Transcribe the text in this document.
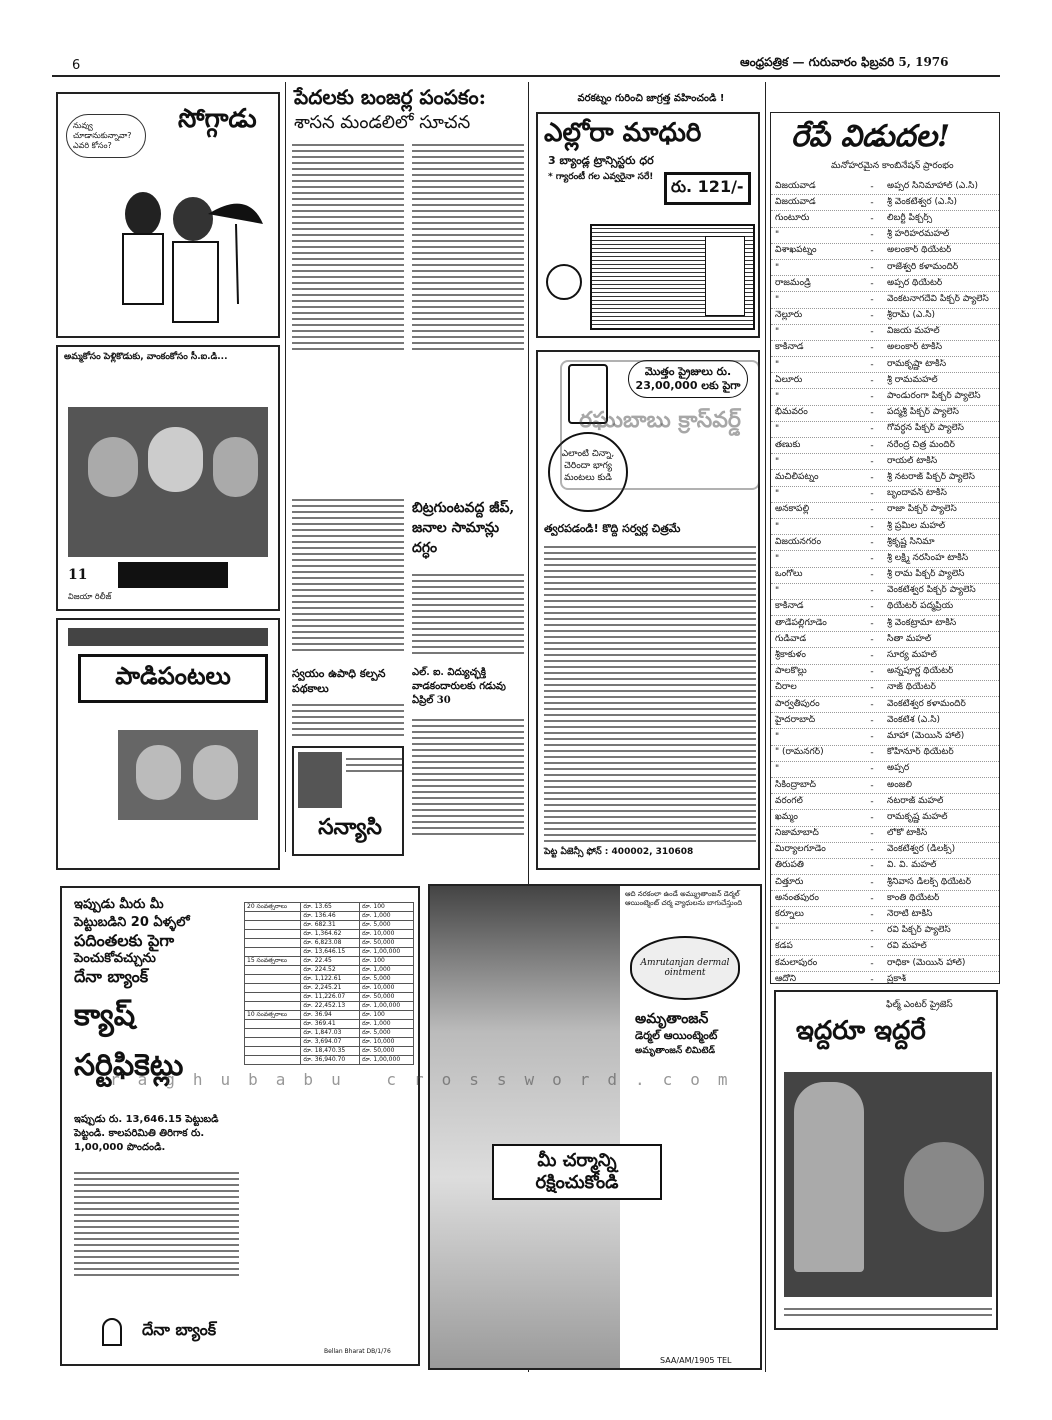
6	ఆంధ్రపత్రిక — గురువారం ఫిబ్రవరి 5, 1976
నువ్వు చూడానుకున్నావా? ఎవరి కోసం?
సోగ్గాడు
అమ్మకోసం పెళ్లికొడుకు, వాంకంకోసం సీ.ఐ.డి...
11
విజయా రిలీజ్
పాడిపంటలు
పేదలకు బంజర్ల పంపకం:
శాసన మండలిలో సూచన
బిట్రగుంటవద్ద జీప్, జనాల సామాన్లు దగ్ధం
స్వయం ఉపాధి కల్పన పథకాలు
ఎల్. ఐ. విద్యుచ్ఛక్తి వాడకందారులకు గడువు ఏప్రిల్ 30
సన్యాసి
వరకట్నం గురించి జాగ్రత్త వహించండి !
ఎల్లోరా మాధురి
3 బ్యాండ్ల ట్రాన్సిస్టరు ధర
* గ్యారంటీ గల ఎవ్వరైనా సరే!	రు. 121/-
మొత్తం ప్రైజులు రు. 23,00,000 లకు పైగా
ఎలాంటి చిన్నా, చెరిందా భాగ్య మంటలు కుడి
త్వరపడండి! కొద్ది సర్వర్ల చిత్రమే
పెట్ట ఏజెన్సీ ఫోన్ : 400002, 310608
రేపే విడుదల!
మనోహరమైన కాంబినేషన్ ప్రారంభం
విజయవాడ	-	అప్సర సినిమాహాల్ (ఎ.సి)
విజయవాడ	-	శ్రీ వెంకటేశ్వర (ఎ.సి)
గుంటూరు	-	లిబర్టీ పిక్చర్స్
"	-	శ్రీ హరిహరమహల్
విశాఖపట్నం	-	అలంకార్ థియేటర్
"	-	రాజేశ్వరి కళామందిర్
రాజమండ్రి	-	అప్సర థియేటర్
"	-	వెంకటనాగదేవి పిక్చర్ ప్యాలెస్
నెల్లూరు	-	శ్రీరామ్ (ఎ.సి)
"	-	విజయ మహల్
కాకినాడ	-	అలంకార్ టాకీస్
"	-	రామకృష్ణా టాకీస్
ఏలూరు	-	శ్రీ రామమహల్
"	-	పాండురంగా పిక్చర్ ప్యాలెస్
భీమవరం	-	పద్మశ్రీ పిక్చర్ ప్యాలెస్
"	-	గోవర్ధన పిక్చర్ ప్యాలెస్
తణుకు	-	నరేంద్ర చిత్ర మందిర్
"	-	రాయల్ టాకీస్
మచిలీపట్నం	-	శ్రీ నటరాజ్ పిక్చర్ ప్యాలెస్
"	-	బృందావన్ టాకీస్
అనకాపల్లి	-	రాజా పిక్చర్ ప్యాలెస్
"	-	శ్రీ ప్రమీల మహల్
విజయనగరం	-	శ్రీకృష్ణ సినిమా
"	-	శ్రీ లక్ష్మీ నరసింహ టాకీస్
ఒంగోలు	-	శ్రీ రామ పిక్చర్ ప్యాలెస్
"	-	వెంకటేశ్వర పిక్చర్ ప్యాలెస్
కాకినాడ	-	థియేటర్ పద్మప్రియ
తాడేపల్లిగూడెం	-	శ్రీ వెంకట్రామా టాకీస్
గుడివాడ	-	సీతా మహల్
శ్రీకాకుళం	-	సూర్య మహల్
పాలకొల్లు	-	అన్నపూర్ణ థియేటర్
చీరాల	-	నాజ్ థియేటర్
పార్వతీపురం	-	వెంకటేశ్వర కళామందిర్
హైదరాబాద్	-	వెంకటేశ (ఎ.సి)
"	-	మాహా (మెయిన్ హాల్)
" (రామనగర్)	-	కోహినూర్ థియేటర్
"	-	అప్సర
సికింద్రాబాద్	-	అంజలి
వరంగల్	-	నటరాజ్ మహల్
ఖమ్మం	-	రామకృష్ణ మహల్
నిజామాబాద్	-	లోకో టాకీస్
మిర్యాలగూడెం	-	వెంకటేశ్వర (డీలక్స్)
తిరుపతి	-	వి. వి. మహల్
చిత్తూరు	-	శ్రీనివాస డీలక్స్ థియేటర్
అనంతపురం	-	కాంతి థియేటర్
కర్నూలు	-	నెరాటీ టాకీస్
"	-	రవి పిక్చర్ ప్యాలెస్
కడప	-	రవి మహల్
కమలాపురం	-	రాధికా (మెయిన్ హాల్)
ఆదోని	-	ప్రకాశ్
ఇప్పుడు మీరు మీ
పెట్టుబడిని 20 ఏళ్ళలో
పదింతలకు పైగా
పెంచుకోవచ్చును
దేనా బ్యాంక్
క్యాష్
సర్టిఫికెట్లు
ఇప్పుడు రు. 13,646.15 పెట్టుబడి పెట్టండి. కాలపరిమితి తిరిగాక రు. 1,00,000 పొందండి.
దేనా బ్యాంక్
Bellan Bharat DB/1/76
20 సంవత్సరాలు	రూ. 13.65	రూ. 100
	రూ. 136.46	రూ. 1,000
	రూ. 682.31	రూ. 5,000
	రూ. 1,364.62	రూ. 10,000
	రూ. 6,823.08	రూ. 50,000
	రూ. 13,646.15	రూ. 1,00,000
15 సంవత్సరాలు	రూ. 22.45	రూ. 100
	రూ. 224.52	రూ. 1,000
	రూ. 1,122.61	రూ. 5,000
	రూ. 2,245.21	రూ. 10,000
	రూ. 11,226.07	రూ. 50,000
	రూ. 22,452.13	రూ. 1,00,000
10 సంవత్సరాలు	రూ. 36.94	రూ. 100
	రూ. 369.41	రూ. 1,000
	రూ. 1,847.03	రూ. 5,000
	రూ. 3,694.07	రూ. 10,000
	రూ. 18,470.35	రూ. 50,000
	రూ. 36,940.70	రూ. 1,00,000
ఆది నరకంలా ఉండే అమ్మ్రుతాంజన్ డెర్మల్ ఆయింట్మెంట్ చర్మ వ్యాధులను బాగుచేస్తుంది
Amrutanjan dermal ointment
అమృతాంజన్
డెర్మల్ ఆయింట్మెంట్
అమృతాంజన్ లిమిటెడ్
మీ చర్మాన్ని రక్షించుకోండి
SAA/AM/1905 TEL
ఫిల్మ్ ఎంటర్ ప్రైజెస్
ఇద్దరూ ఇద్దరే
raghubabu crossword.com
రఘుబాబు క్రాస్‌వర్డ్
